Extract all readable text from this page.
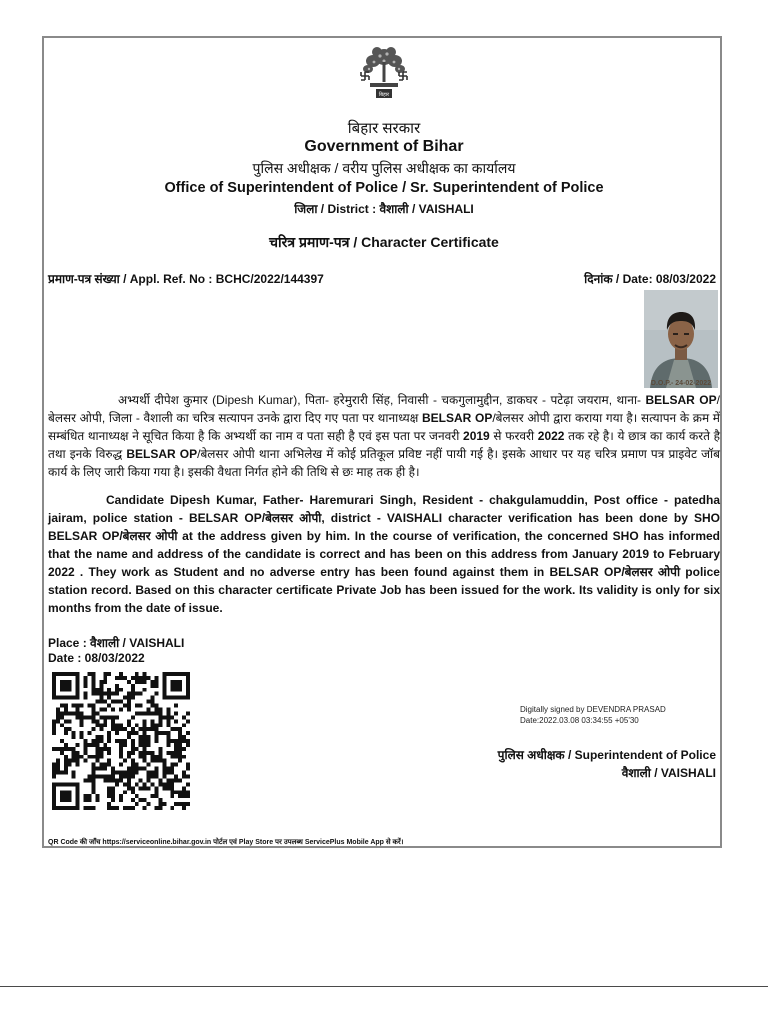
बिहार
बिहार सरकार
Government of Bihar
पुलिस अधीक्षक / वरीय पुलिस अधीक्षक का कार्यालय
Office of Superintendent of Police / Sr. Superintendent of Police
जिला / District : वैशाली / VAISHALI
चरित्र प्रमाण-पत्र / Character Certificate
प्रमाण-पत्र संख्या / Appl. Ref. No : BCHC/2022/144397	दिनांक / Date: 08/03/2022
D.O.P.- 24-02-2022
अभ्यर्थी दीपेश कुमार (Dipesh Kumar), पिता- हरेमुरारी सिंह, निवासी - चकगुलामुद्दीन, डाकघर - पटेढ़ा जयराम, थाना- BELSAR OP/बेलसर ओपी, जिला - वैशाली का चरित्र सत्यापन उनके द्वारा दिए गए पता पर थानाध्यक्ष BELSAR OP/बेलसर ओपी द्वारा कराया गया है। सत्यापन के क्रम में सम्बंधित थानाध्यक्ष ने सूचित किया है कि अभ्यर्थी का नाम व पता सही है एवं इस पता पर जनवरी 2019 से फरवरी 2022 तक रहे है। ये छात्र का कार्य करते है तथा इनके विरुद्ध BELSAR OP/बेलसर ओपी थाना अभिलेख में कोई प्रतिकूल प्रविष्ट नहीं पायी गई है। इसके आधार पर यह चरित्र प्रमाण पत्र प्राइवेट जॉब कार्य के लिए जारी किया गया है। इसकी वैधता निर्गत होने की तिथि से छः माह तक ही है।
Candidate Dipesh Kumar, Father- Haremurari Singh, Resident - chakgulamuddin, Post office - patedha jairam, police station - BELSAR OP/बेलसर ओपी, district - VAISHALI character verification has been done by SHO BELSAR OP/बेलसर ओपी at the address given by him. In the course of verification, the concerned SHO has informed that the name and address of the candidate is correct and has been on this address from January 2019 to February 2022 . They work as Student and no adverse entry has been found against them in BELSAR OP/बेलसर ओपी police station record. Based on this character certificate Private Job has been issued for the work. Its validity is only for six months from the date of issue.
Place : वैशाली / VAISHALI
Date : 08/03/2022
Digitally signed by DEVENDRA PRASAD
Date:2022.03.08 03:34:55 +05'30
पुलिस अधीक्षक / Superintendent of Police
वैशाली / VAISHALI
QR Code की जाँच https://serviceonline.bihar.gov.in पोर्टल एवं Play Store पर उपलब्ध ServicePlus Mobile App से करें।
